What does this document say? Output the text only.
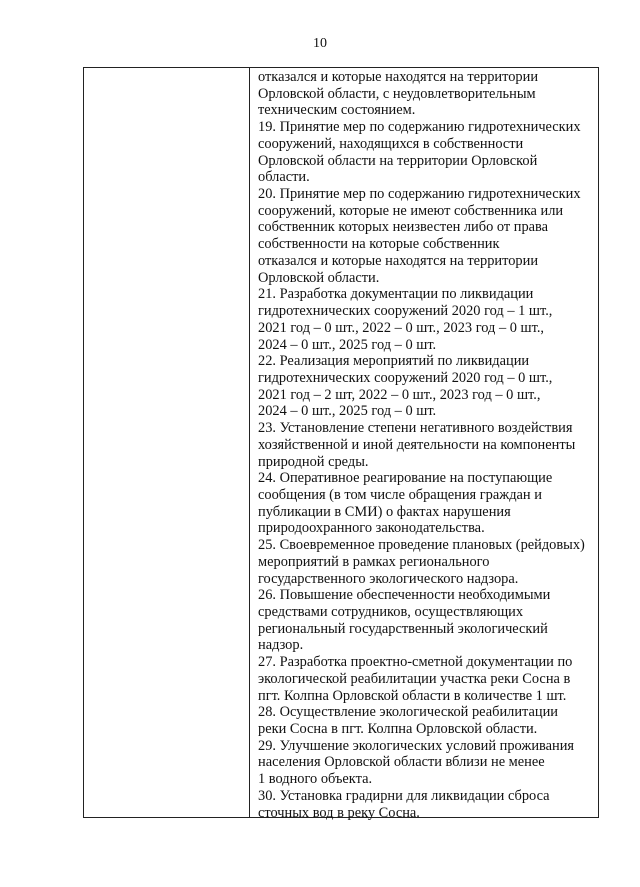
10
отказался и которые находятся на территории
Орловской области, с неудовлетворительным
техническим состоянием.
19. Принятие мер по содержанию гидротехнических
сооружений, находящихся в собственности
Орловской области на территории Орловской
области.
20. Принятие мер по содержанию гидротехнических
сооружений, которые не имеют собственника или
собственник которых неизвестен либо от права
собственности на которые собственник
отказался и которые находятся на территории
Орловской области.
21. Разработка документации по ликвидации
гидротехнических сооружений 2020 год – 1 шт.,
2021 год – 0 шт., 2022 – 0 шт., 2023 год – 0 шт.,
2024 – 0 шт., 2025 год – 0 шт.
22. Реализация мероприятий по ликвидации
гидротехнических сооружений 2020 год – 0 шт.,
2021 год – 2 шт, 2022 – 0 шт., 2023 год – 0 шт.,
2024 – 0 шт., 2025 год – 0 шт.
23. Установление степени негативного воздействия
хозяйственной и иной деятельности на компоненты
природной среды.
24. Оперативное реагирование на поступающие
сообщения (в том числе обращения граждан и
публикации в СМИ) о фактах нарушения
природоохранного законодательства.
25. Своевременное проведение плановых (рейдовых)
мероприятий в рамках регионального
государственного экологического надзора.
26. Повышение обеспеченности необходимыми
средствами сотрудников, осуществляющих
региональный государственный экологический
надзор.
27. Разработка проектно-сметной документации по
экологической реабилитации участка реки Сосна в
пгт. Колпна Орловской области в количестве 1 шт.
28. Осуществление экологической реабилитации
реки Сосна в пгт. Колпна Орловской области.
29. Улучшение экологических условий проживания
населения Орловской области вблизи не менее
1 водного объекта.
30. Установка градирни для ликвидации сброса
сточных вод в реку Сосна.
